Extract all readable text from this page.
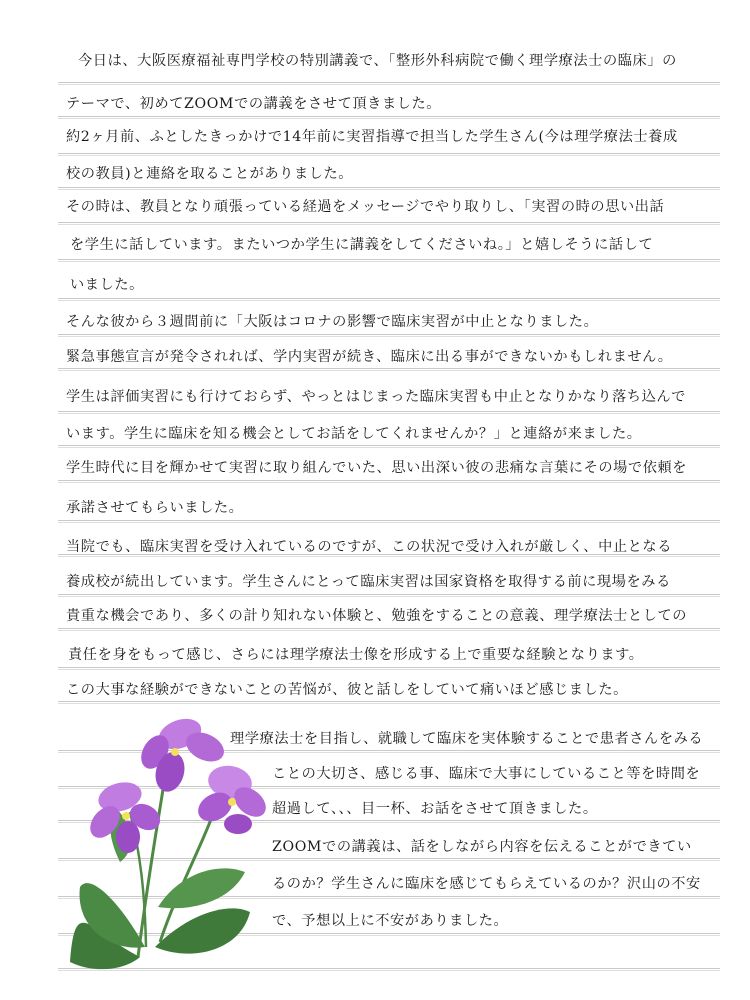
今日は、大阪医療福祉専門学校の特別講義で、「整形外科病院で働く理学療法士の臨床」の
テーマで、初めてZOOMでの講義をさせて頂きました。
約2ヶ月前、ふとしたきっかけで14年前に実習指導で担当した学生さん(今は理学療法士養成
校の教員)と連絡を取ることがありました。
その時は、教員となり頑張っている経過をメッセージでやり取りし、「実習の時の思い出話
を学生に話しています。またいつか学生に講義をしてくださいね。」と嬉しそうに話して
いました。
そんな彼から３週間前に「大阪はコロナの影響で臨床実習が中止となりました。
緊急事態宣言が発令されれば、学内実習が続き、臨床に出る事ができないかもしれません。
学生は評価実習にも行けておらず、やっとはじまった臨床実習も中止となりかなり落ち込んで
います。学生に臨床を知る機会としてお話をしてくれませんか？」と連絡が来ました。
学生時代に目を輝かせて実習に取り組んでいた、思い出深い彼の悲痛な言葉にその場で依頼を
承諾させてもらいました。
当院でも、臨床実習を受け入れているのですが、この状況で受け入れが厳しく、中止となる
養成校が続出しています。学生さんにとって臨床実習は国家資格を取得する前に現場をみる
貴重な機会であり、多くの計り知れない体験と、勉強をすることの意義、理学療法士としての
責任を身をもって感じ、さらには理学療法士像を形成する上で重要な経験となります。
この大事な経験ができないことの苦悩が、彼と話しをしていて痛いほど感じました。
理学療法士を目指し、就職して臨床を実体験することで患者さんをみる
ことの大切さ、感じる事、臨床で大事にしていること等を時間を
超過して、、、目一杯、お話をさせて頂きました。
ZOOMでの講義は、話をしながら内容を伝えることができてい
るのか？学生さんに臨床を感じてもらえているのか？沢山の不安
で、予想以上に不安がありました。
